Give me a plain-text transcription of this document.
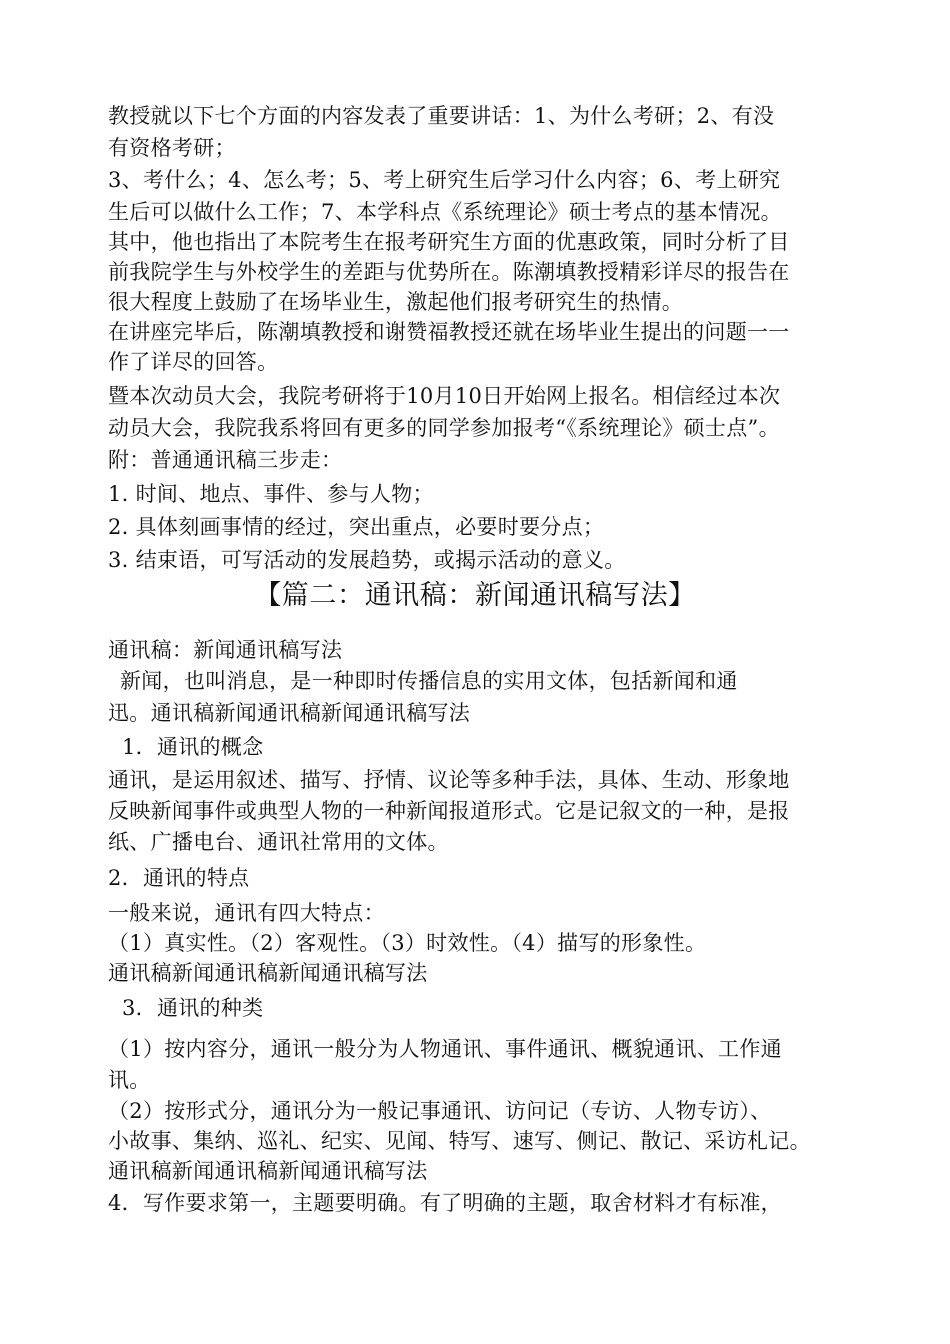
教授就以下七个方面的内容发表了重要讲话：1、为什么考研；2、有没
有资格考研；
3、考什么；4、怎么考；5、考上研究生后学习什么内容；6、考上研究
生后可以做什么工作；7、本学科点《系统理论》硕士考点的基本情况。
其中，他也指出了本院考生在报考研究生方面的优惠政策，同时分析了目
前我院学生与外校学生的差距与优势所在。陈潮填教授精彩详尽的报告在
很大程度上鼓励了在场毕业生，激起他们报考研究生的热情。
在讲座完毕后，陈潮填教授和谢赞福教授还就在场毕业生提出的问题一一
作了详尽的回答。
暨本次动员大会，我院考研将于10月10日开始网上报名。相信经过本次
动员大会，我院我系将回有更多的同学参加报考“《系统理论》硕士点”。
附：普通通讯稿三步走：
1. 时间、地点、事件、参与人物；
2. 具体刻画事情的经过，突出重点，必要时要分点；
3. 结束语，可写活动的发展趋势，或揭示活动的意义。
【篇二：通讯稿：新闻通讯稿写法】
通讯稿：新闻通讯稿写法
新闻，也叫消息，是一种即时传播信息的实用文体，包括新闻和通
迅。通讯稿新闻通讯稿新闻通讯稿写法
1．通讯的概念
通讯，是运用叙述、描写、抒情、议论等多种手法，具体、生动、形象地
反映新闻事件或典型人物的一种新闻报道形式。它是记叙文的一种，是报
纸、广播电台、通讯社常用的文体。
2．通讯的特点
一般来说，通讯有四大特点：
（1）真实性。（2）客观性。（3）时效性。（4）描写的形象性。
通讯稿新闻通讯稿新闻通讯稿写法
3．通讯的种类
（1）按内容分，通讯一般分为人物通讯、事件通讯、概貌通讯、工作通
讯。
（2）按形式分，通讯分为一般记事通讯、访问记（专访、人物专访）、
小故事、集纳、巡礼、纪实、见闻、特写、速写、侧记、散记、采访札记。
通讯稿新闻通讯稿新闻通讯稿写法
4．写作要求第一，主题要明确。有了明确的主题，取舍材料才有标准，
